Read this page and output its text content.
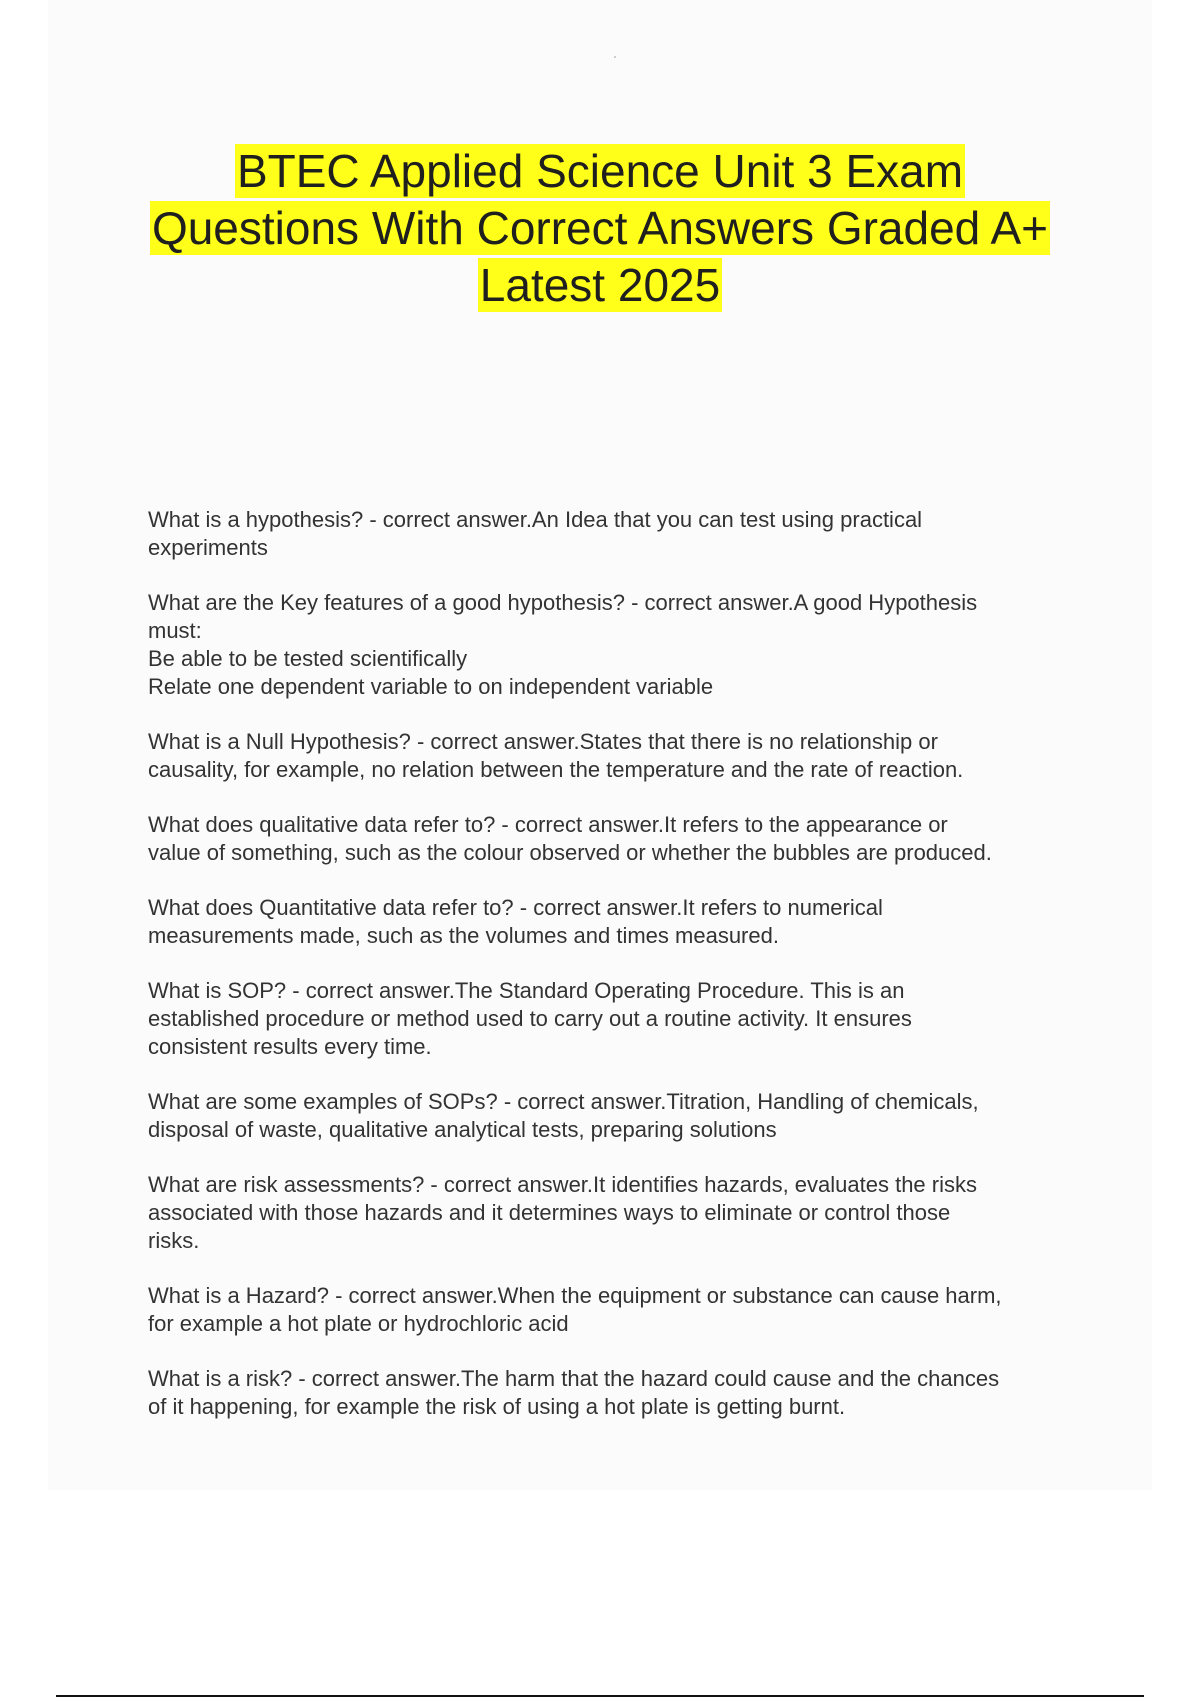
BTEC Applied Science Unit 3 Exam
Questions With Correct Answers Graded A+
Latest 2025
What is a hypothesis? - correct answer.An Idea that you can test using practical
experiments
What are the Key features of a good hypothesis? - correct answer.A good Hypothesis
must:
Be able to be tested scientifically
Relate one dependent variable to on independent variable
What is a Null Hypothesis? - correct answer.States that there is no relationship or
causality, for example, no relation between the temperature and the rate of reaction.
What does qualitative data refer to? - correct answer.It refers to the appearance or
value of something, such as the colour observed or whether the bubbles are produced.
What does Quantitative data refer to? - correct answer.It refers to numerical
measurements made, such as the volumes and times measured.
What is SOP? - correct answer.The Standard Operating Procedure. This is an
established procedure or method used to carry out a routine activity. It ensures
consistent results every time.
What are some examples of SOPs? - correct answer.Titration, Handling of chemicals,
disposal of waste, qualitative analytical tests, preparing solutions
What are risk assessments? - correct answer.It identifies hazards, evaluates the risks
associated with those hazards and it determines ways to eliminate or control those
risks.
What is a Hazard? - correct answer.When the equipment or substance can cause harm,
for example a hot plate or hydrochloric acid
What is a risk? - correct answer.The harm that the hazard could cause and the chances
of it happening, for example the risk of using a hot plate is getting burnt.
